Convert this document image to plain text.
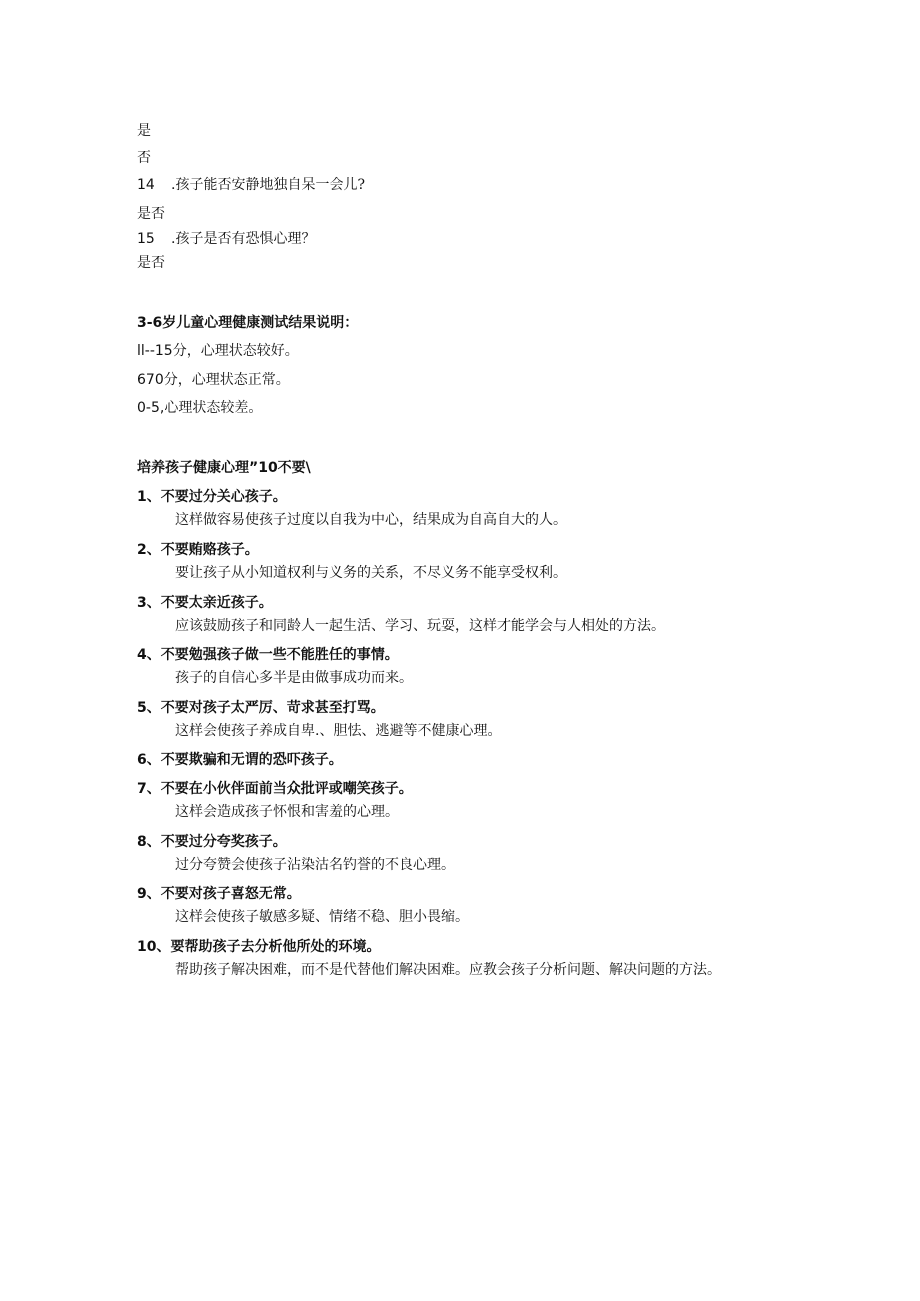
是
否
14 .孩子能否安静地独自呆一会儿?
是否
15 .孩子是否有恐惧心理？
是否
3-6岁儿童心理健康测试结果说明：
ll--15分，心理状态较好。
670分，心理状态正常。
0-5,心理状态较差。
培养孩子健康心理”10不要\
1、不要过分关心孩子。
这样做容易使孩子过度以自我为中心，结果成为自高自大的人。
2、不要贿赂孩子。
要让孩子从小知道权利与义务的关系，不尽义务不能享受权利。
3、不要太亲近孩子。
应该鼓励孩子和同龄人一起生活、学习、玩耍，这样才能学会与人相处的方法。
4、不要勉强孩子做一些不能胜任的事情。
孩子的自信心多半是由做事成功而来。
5、不要对孩子太严厉、苛求甚至打骂。
这样会使孩子养成自卑.、胆怯、逃避等不健康心理。
6、不要欺骗和无谓的恐吓孩子。
7、不要在小伙伴面前当众批评或嘲笑孩子。
这样会造成孩子怀恨和害羞的心理。
8、不要过分夸奖孩子。
过分夸赞会使孩子沾染沽名钓誉的不良心理。
9、不要对孩子喜怒无常。
这样会使孩子敏感多疑、情绪不稳、胆小畏缩。
10、要帮助孩子去分析他所处的环境。
帮助孩子解决困难，而不是代替他们解决困难。应教会孩子分析问题、解决问题的方法。
